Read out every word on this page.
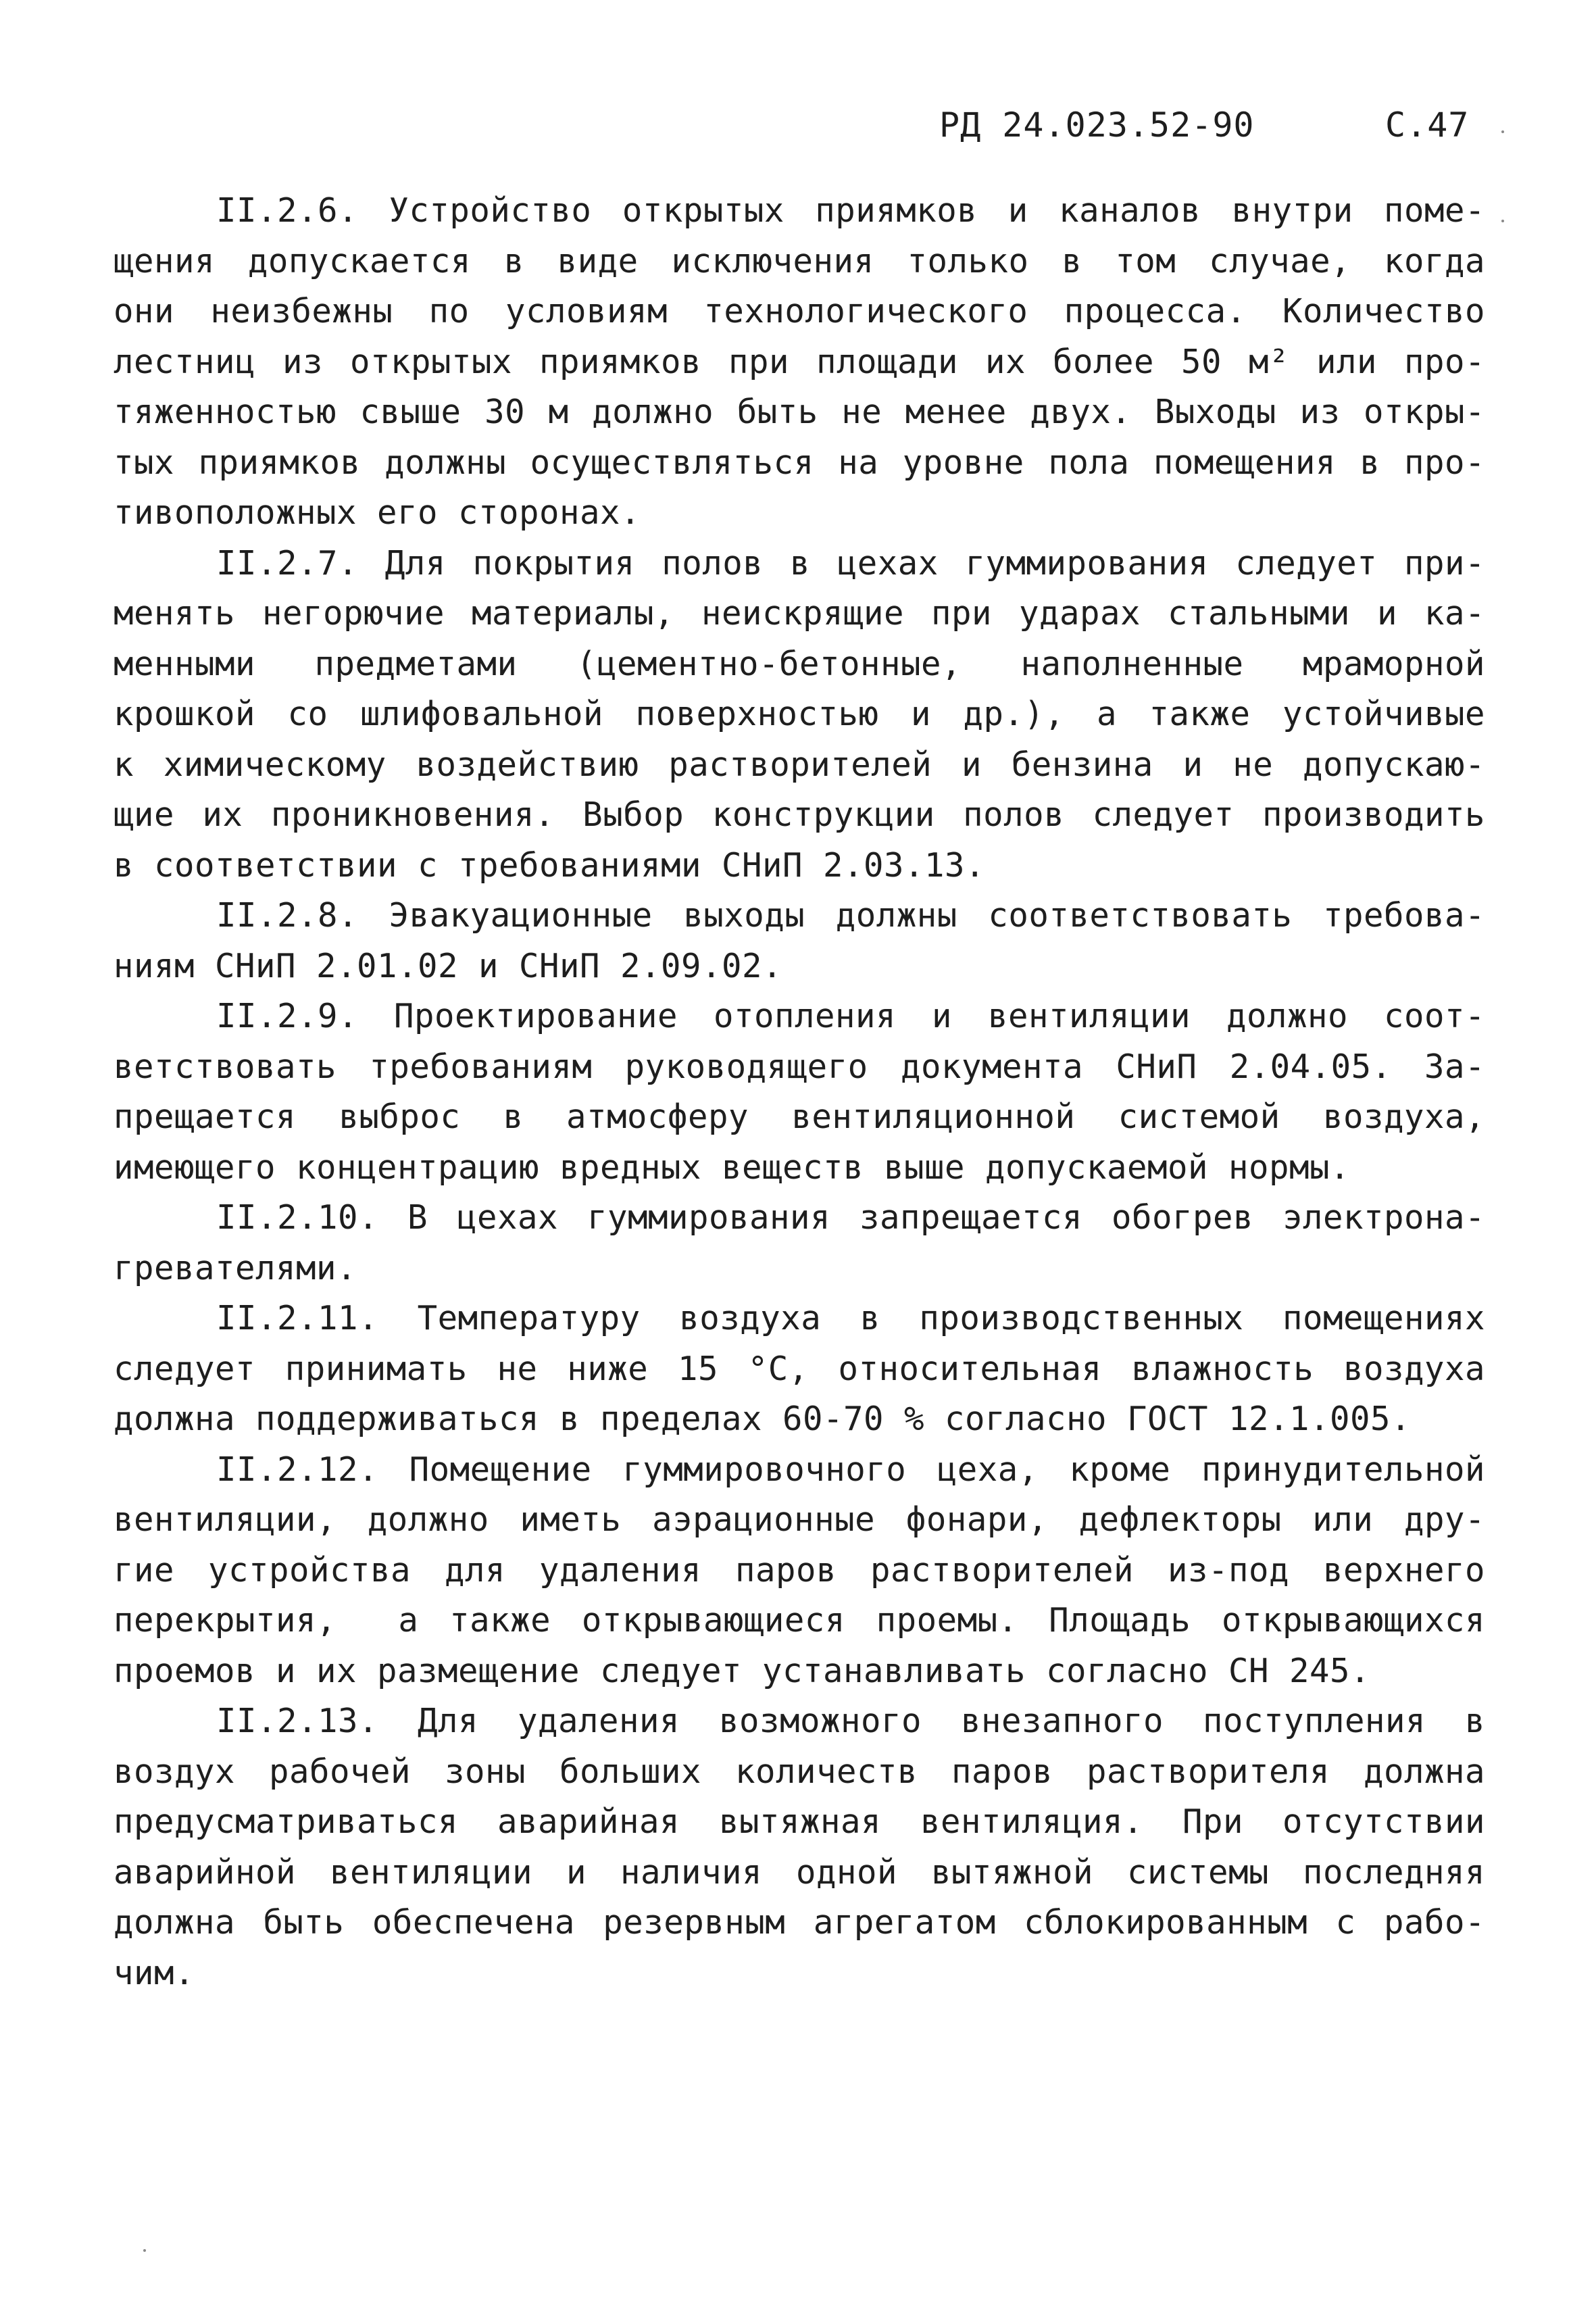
РД 24.023.52-90	С.47
II.2.6. Устройство открытых приямков и каналов внутри поме-
щения допускается в виде исключения только в том случае, когда
они неизбежны по условиям технологического процесса. Количество
лестниц из открытых приямков при площади их более 50 м² или про-
тяженностью свыше 30 м должно быть не менее двух. Выходы из откры-
тых приямков должны осуществляться на уровне пола помещения в про-
тивоположных его сторонах.
II.2.7. Для покрытия полов в цехах гуммирования следует при-
менять негорючие материалы, неискрящие при ударах стальными и ка-
менными предметами (цементно-бетонные, наполненные мраморной
крошкой со шлифовальной поверхностью и др.), а также устойчивые
к химическому воздействию растворителей и бензина и не допускаю-
щие их проникновения. Выбор конструкции полов следует производить
в соответствии с требованиями СНиП 2.03.13.
II.2.8. Эвакуационные выходы должны соответствовать требова-
ниям СНиП 2.01.02 и СНиП 2.09.02.
II.2.9. Проектирование отопления и вентиляции должно соот-
ветствовать требованиям руководящего документа СНиП 2.04.05. За-
прещается выброс в атмосферу вентиляционной системой воздуха,
имеющего концентрацию вредных веществ выше допускаемой нормы.
II.2.10. В цехах гуммирования запрещается обогрев электрона-
гревателями.
II.2.11. Температуру воздуха в производственных помещениях
следует принимать не ниже 15 °С, относительная влажность воздуха
должна поддерживаться в пределах 60-70 % согласно ГОСТ 12.1.005.
II.2.12. Помещение гуммировочного цеха, кроме принудительной
вентиляции, должно иметь аэрационные фонари, дефлекторы или дру-
гие устройства для удаления паров растворителей из-под верхнего
перекрытия,  а также открывающиеся проемы. Площадь открывающихся
проемов и их размещение следует устанавливать согласно СН 245.
II.2.13. Для удаления возможного внезапного поступления в
воздух рабочей зоны больших количеств паров растворителя должна
предусматриваться аварийная вытяжная вентиляция. При отсутствии
аварийной вентиляции и наличия одной вытяжной системы последняя
должна быть обеспечена резервным агрегатом сблокированным с рабо-
чим.
